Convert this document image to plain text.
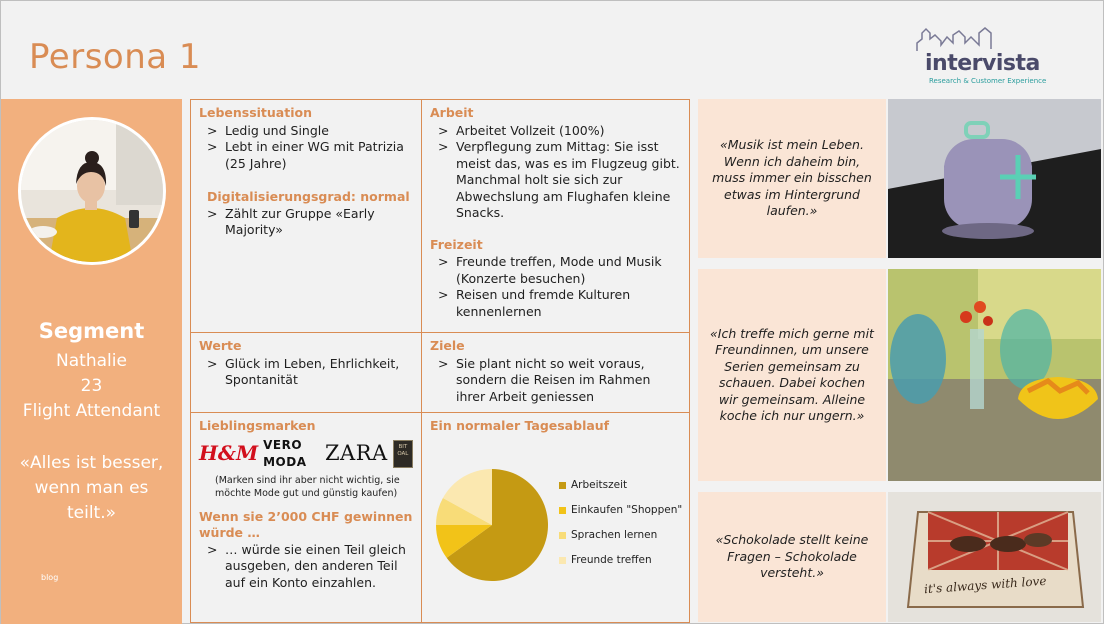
Persona 1	intervista
Research & Customer Experience
Segment
Nathalie
23
Flight Attendant
«Alles ist besser, wenn man es teilt.»
blog
Lebenssituation
> Ledig und Single
> Lebt in einer WG mit Patrizia (25 Jahre)
Digitalisierungsgrad: normal
> Zählt zur Gruppe «Early Majority»
Arbeit
> Arbeitet Vollzeit (100%)
> Verpflegung zum Mittag: Sie isst meist das, was es im Flugzeug gibt. Manchmal holt sie sich zur Abwechslung am Flughafen kleine Snacks.
Freizeit
> Freunde treffen, Mode und Musik (Konzerte besuchen)
> Reisen und fremde Kulturen kennenlernen
Werte
> Glück im Leben, Ehrlichkeit, Spontanität
Ziele
> Sie plant nicht so weit voraus, sondern die Reisen im Rahmen ihrer Arbeit geniessen
Lieblingsmarken
H&M VERO MODA ZARA	BIT OAL
(Marken sind ihr aber nicht wichtig, sie möchte Mode gut und günstig kaufen)
Wenn sie 2’000 CHF gewinnen würde …
> … würde sie einen Teil gleich ausgeben, den anderen Teil auf ein Konto einzahlen.
Ein normaler Tagesablauf
Arbeitszeit
Einkaufen "Shoppen"
Sprachen lernen
Freunde treffen
«Musik ist mein Leben. Wenn ich daheim bin, muss immer ein bisschen etwas im Hintergrund laufen.»
«Ich treffe mich gerne mit Freundinnen, um unsere Serien gemeinsam zu schauen. Dabei kochen wir gemeinsam. Alleine koche ich nur ungern.»
«Schokolade stellt keine Fragen – Schokolade versteht.»
it's always with love
